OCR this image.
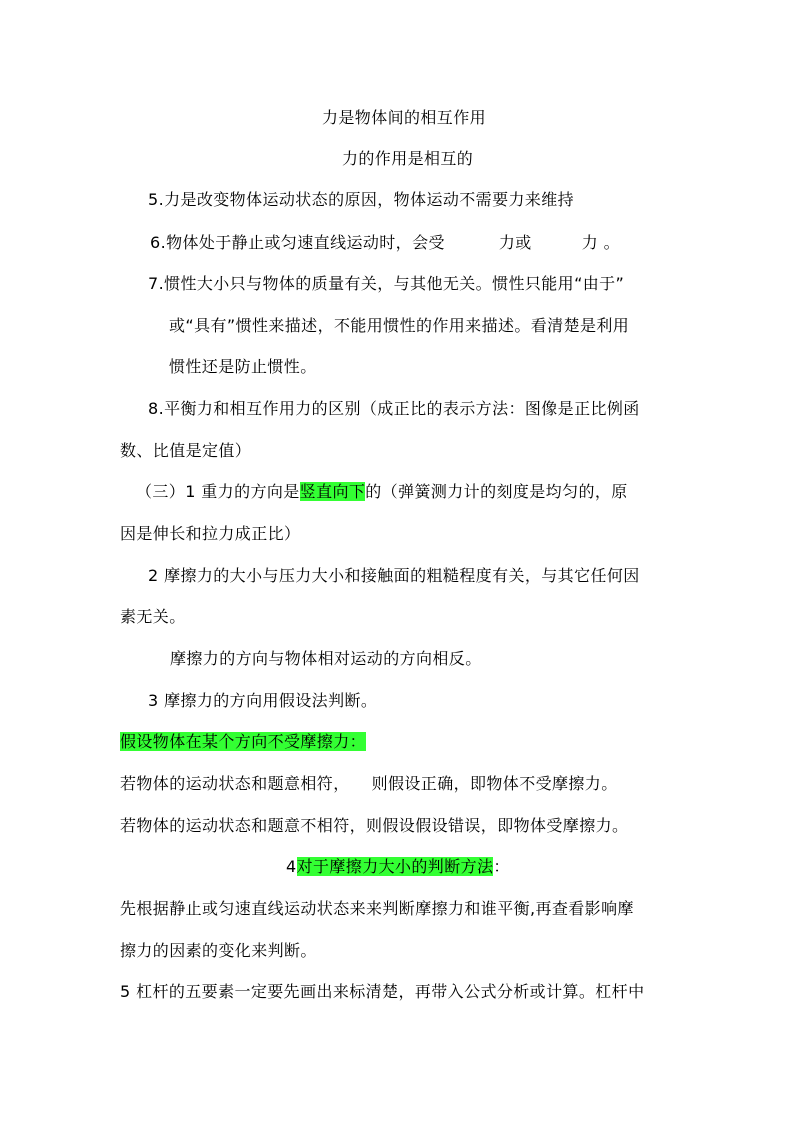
力是物体间的相互作用
力的作用是相互的
5.力是改变物体运动状态的原因，物体运动不需要力来维持
6.物体处于静止或匀速直线运动时，会受	力或	力 。
7.惯性大小只与物体的质量有关，与其他无关。惯性只能用“由于”
或“具有”惯性来描述，不能用惯性的作用来描述。看清楚是利用
惯性还是防止惯性。
8.平衡力和相互作用力的区别（成正比的表示方法：图像是正比例函
数、比值是定值）
（三）1 重力的方向是竖直向下的（弹簧测力计的刻度是均匀的，原
因是伸长和拉力成正比）
2 摩擦力的大小与压力大小和接触面的粗糙程度有关，与其它任何因
素无关。
摩擦力的方向与物体相对运动的方向相反。
3 摩擦力的方向用假设法判断。
假设物体在某个方向不受摩擦力：
若物体的运动状态和题意相符， 则假设正确，即物体不受摩擦力。
若物体的运动状态和题意不相符，则假设假设错误，即物体受摩擦力。
4对于摩擦力大小的判断方法：
先根据静止或匀速直线运动状态来来判断摩擦力和谁平衡,再查看影响摩
擦力的因素的变化来判断。
5 杠杆的五要素一定要先画出来标清楚，再带入公式分析或计算。杠杆中
